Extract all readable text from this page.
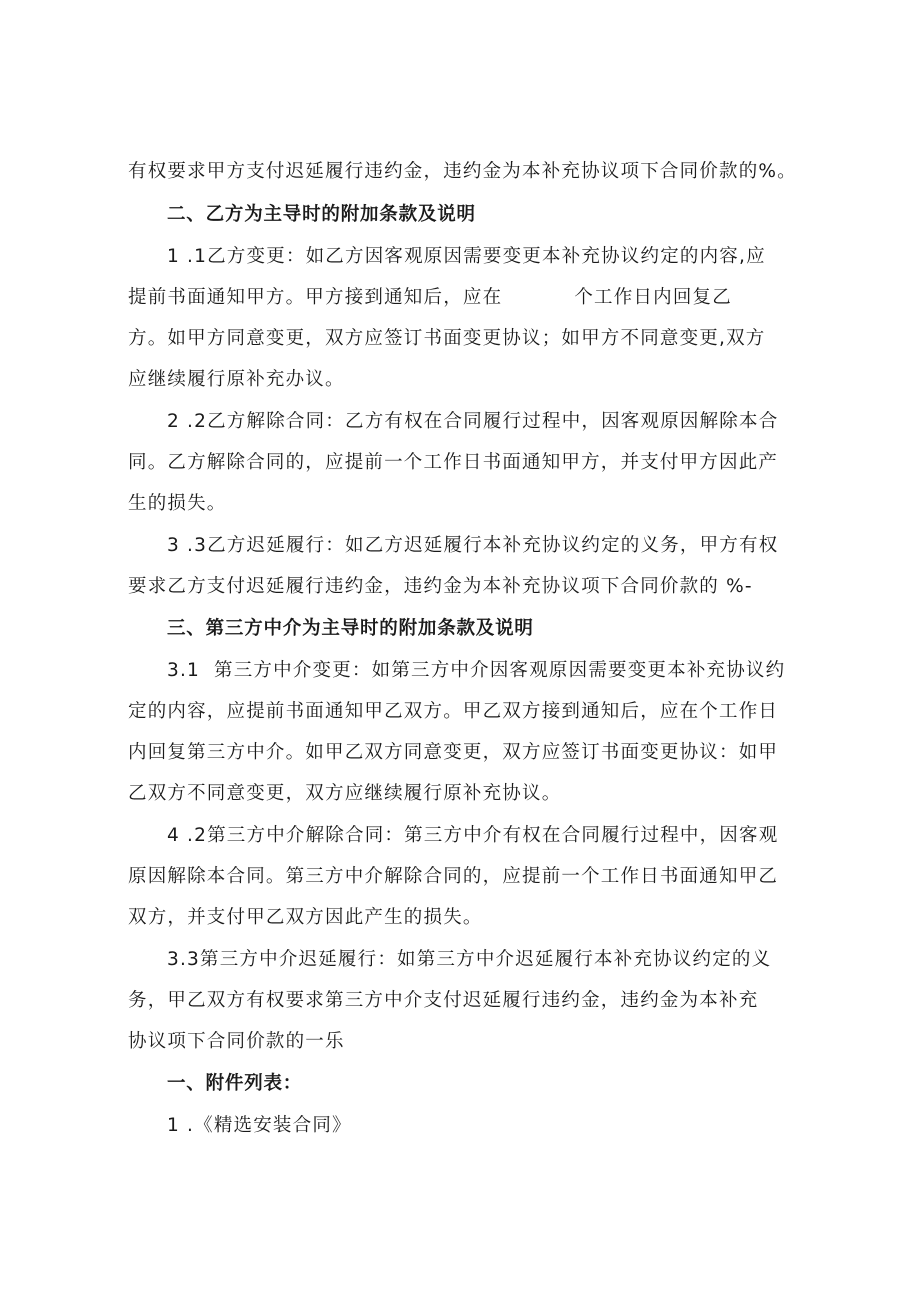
有权要求甲方支付迟延履行违约金，违约金为本补充协议项下合同价款的%。
二、乙方为主导时的附加条款及说明
1 .1乙方变更：如乙方因客观原因需要变更本补充协议约定的内容,应
提前书面通知甲方。甲方接到通知后，应在	个工作日内回复乙
方。如甲方同意变更，双方应签订书面变更协议；如甲方不同意变更,双方
应继续履行原补充办议。
2 .2乙方解除合同：乙方有权在合同履行过程中，因客观原因解除本合
同。乙方解除合同的，应提前一个工作日书面通知甲方，并支付甲方因此产
生的损失。
3 .3乙方迟延履行：如乙方迟延履行本补充协议约定的义务，甲方有权
要求乙方支付迟延履行违约金，违约金为本补充协议项下合同价款的 %-
三、第三方中介为主导时的附加条款及说明
3.1 第三方中介变更：如第三方中介因客观原因需要变更本补充协议约
定的内容，应提前书面通知甲乙双方。甲乙双方接到通知后，应在个工作日
内回复第三方中介。如甲乙双方同意变更，双方应签订书面变更协议：如甲
乙双方不同意变更，双方应继续履行原补充协议。
4 .2第三方中介解除合同：第三方中介有权在合同履行过程中，因客观
原因解除本合同。第三方中介解除合同的，应提前一个工作日书面通知甲乙
双方，并支付甲乙双方因此产生的损失。
3.3第三方中介迟延履行：如第三方中介迟延履行本补充协议约定的义
务，甲乙双方有权要求第三方中介支付迟延履行违约金，违约金为本补充
协议项下合同价款的一乐
一、附件列表：
1 .《精选安装合同》
